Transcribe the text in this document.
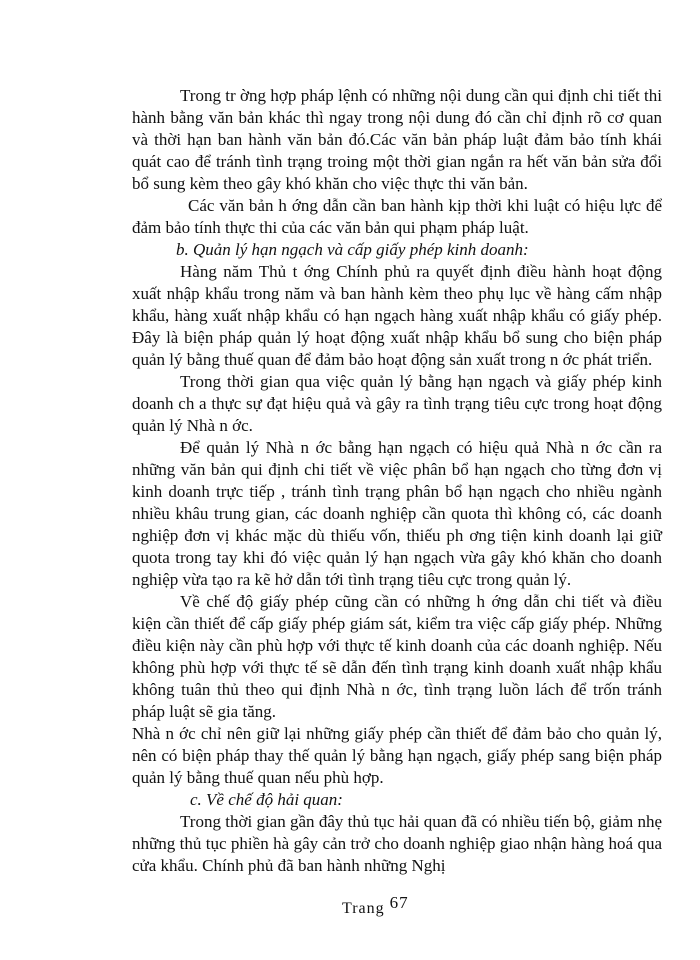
Trong tr ờng hợp pháp lệnh có những nội dung cần qui định chi tiết thi hành bằng văn bản khác thì ngay trong nội dung đó cần chỉ định rõ cơ quan và thời hạn ban hành văn bản đó.Các văn bản pháp luật đảm bảo tính khái quát cao để tránh tình trạng troing một thời gian ngắn ra hết văn bản sửa đổi bổ sung kèm theo gây khó khăn cho việc thực thi văn bản.

Các văn bản h ớng dẫn cần ban hành kịp thời khi luật có hiệu lực để đảm bảo tính thực thi của các văn bản qui phạm pháp luật.

b. Quản lý hạn ngạch và cấp giấy phép kinh doanh:

Hàng năm Thủ t ớng Chính phủ ra quyết định điều hành hoạt động xuất nhập khẩu trong năm và ban hành kèm theo phụ lục về hàng cấm nhập khẩu, hàng xuất nhập khẩu có hạn ngạch hàng xuất nhập khẩu có giấy phép. Đây là biện pháp quản lý hoạt động xuất nhập khẩu bổ sung cho biện pháp quản lý bằng thuế quan để đảm bảo hoạt động sản xuất trong n ớc phát triển.

Trong thời gian qua việc quản lý bằng hạn ngạch và giấy phép kinh doanh ch a thực sự đạt hiệu quả và gây ra tình trạng tiêu cực trong hoạt động quản lý Nhà n ớc.

Để quản lý Nhà n ớc bằng hạn ngạch có hiệu quả Nhà n ớc cần ra những văn bản qui định chi tiết về việc phân bổ hạn ngạch cho từng đơn vị kinh doanh trực tiếp , tránh tình trạng phân bổ hạn ngạch cho nhiều ngành nhiều khâu trung gian, các doanh nghiệp cần quota thì không có, các doanh nghiệp đơn vị khác mặc dù thiếu vốn, thiếu ph ơng tiện kinh doanh lại giữ quota trong tay khi đó việc quản lý hạn ngạch vừa gây khó khăn cho doanh nghiệp vừa tạo ra kẽ hở dẫn tới tình trạng tiêu cực trong quản lý.

Về chế độ giấy phép cũng cần có những h ớng dẫn chi tiết và điều kiện cần thiết để cấp giấy phép giám sát, kiểm tra việc cấp giấy phép. Những điều kiện này cần phù hợp với thực tế kinh doanh của các doanh nghiệp. Nếu không phù hợp với thực tế sẽ dẫn đến tình trạng kinh doanh xuất nhập khẩu không tuân thủ theo qui định Nhà n ớc, tình trạng luồn lách để trốn tránh pháp luật sẽ gia tăng.

Nhà n ớc chỉ nên giữ lại những giấy phép cần thiết để đảm bảo cho quản lý, nên có biện pháp thay thế quản lý bằng hạn ngạch, giấy phép sang biện pháp quản lý bằng thuế quan nếu phù hợp.

c. Về chế độ hải quan:

Trong thời gian gần đây thủ tục hải quan đã có nhiều tiến bộ, giảm nhẹ những thủ tục phiền hà gây cản trở cho doanh nghiệp giao nhận hàng hoá qua cửa khẩu. Chính phủ đã ban hành những Nghị

Trang 67
